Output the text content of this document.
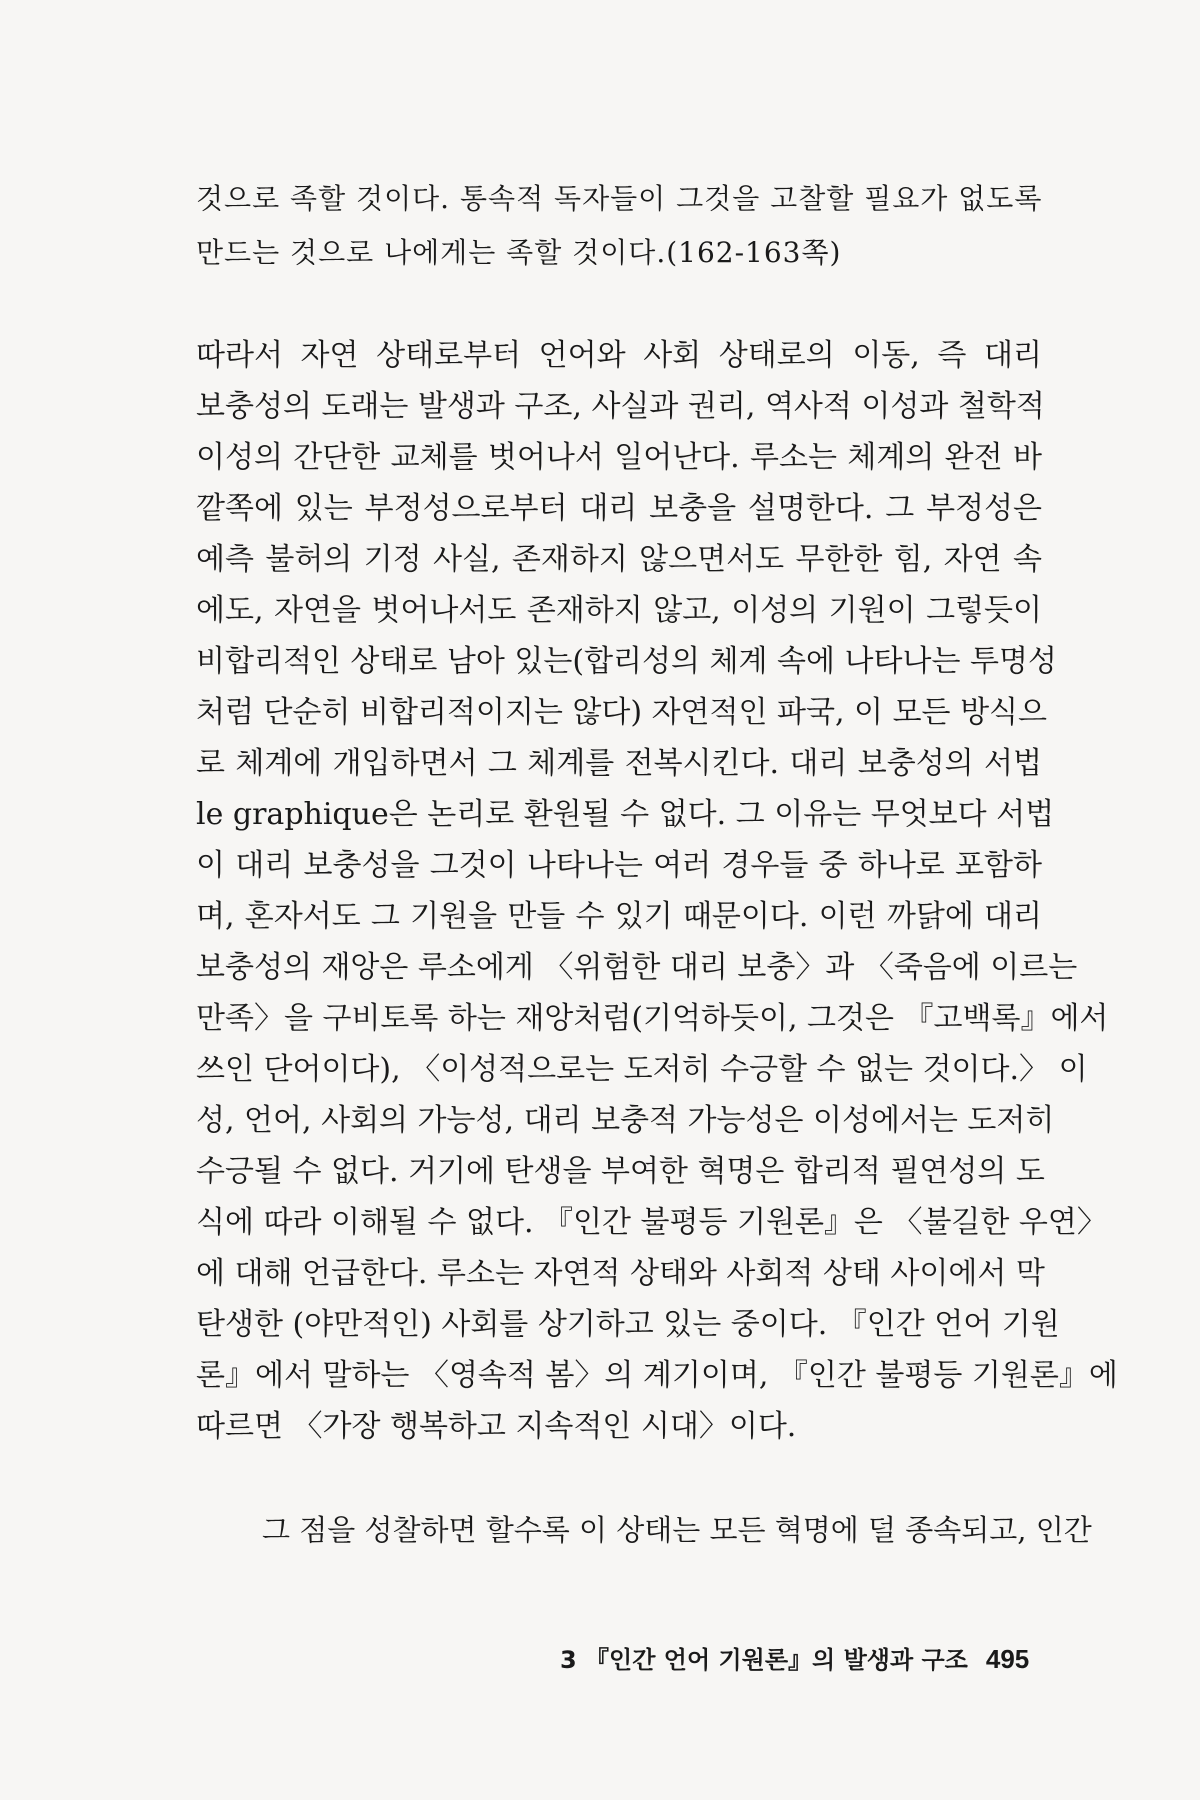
것으로 족할 것이다. 통속적 독자들이 그것을 고찰할 필요가 없도록
만드는 것으로 나에게는 족할 것이다.(162-163쪽)
따라서 자연 상태로부터 언어와 사회 상태로의 이동, 즉 대리
보충성의 도래는 발생과 구조, 사실과 권리, 역사적 이성과 철학적
이성의 간단한 교체를 벗어나서 일어난다. 루소는 체계의 완전 바
깥쪽에 있는 부정성으로부터 대리 보충을 설명한다. 그 부정성은
예측 불허의 기정 사실, 존재하지 않으면서도 무한한 힘, 자연 속
에도, 자연을 벗어나서도 존재하지 않고, 이성의 기원이 그렇듯이
비합리적인 상태로 남아 있는(합리성의 체계 속에 나타나는 투명성
처럼 단순히 비합리적이지는 않다) 자연적인 파국, 이 모든 방식으
로 체계에 개입하면서 그 체계를 전복시킨다. 대리 보충성의 서법
le graphique은 논리로 환원될 수 없다. 그 이유는 무엇보다 서법
이 대리 보충성을 그것이 나타나는 여러 경우들 중 하나로 포함하
며, 혼자서도 그 기원을 만들 수 있기 때문이다. 이런 까닭에 대리
보충성의 재앙은 루소에게 〈위험한 대리 보충〉과 〈죽음에 이르는
만족〉을 구비토록 하는 재앙처럼(기억하듯이, 그것은 『고백록』에서
쓰인 단어이다), 〈이성적으로는 도저히 수긍할 수 없는 것이다.〉 이
성, 언어, 사회의 가능성, 대리 보충적 가능성은 이성에서는 도저히
수긍될 수 없다. 거기에 탄생을 부여한 혁명은 합리적 필연성의 도
식에 따라 이해될 수 없다. 『인간 불평등 기원론』은 〈불길한 우연〉
에 대해 언급한다. 루소는 자연적 상태와 사회적 상태 사이에서 막
탄생한 (야만적인) 사회를 상기하고 있는 중이다. 『인간 언어 기원
론』에서 말하는 〈영속적 봄〉의 계기이며, 『인간 불평등 기원론』에
따르면 〈가장 행복하고 지속적인 시대〉이다.
그 점을 성찰하면 할수록 이 상태는 모든 혁명에 덜 종속되고, 인간
3 『인간 언어 기원론』의 발생과 구조 495
